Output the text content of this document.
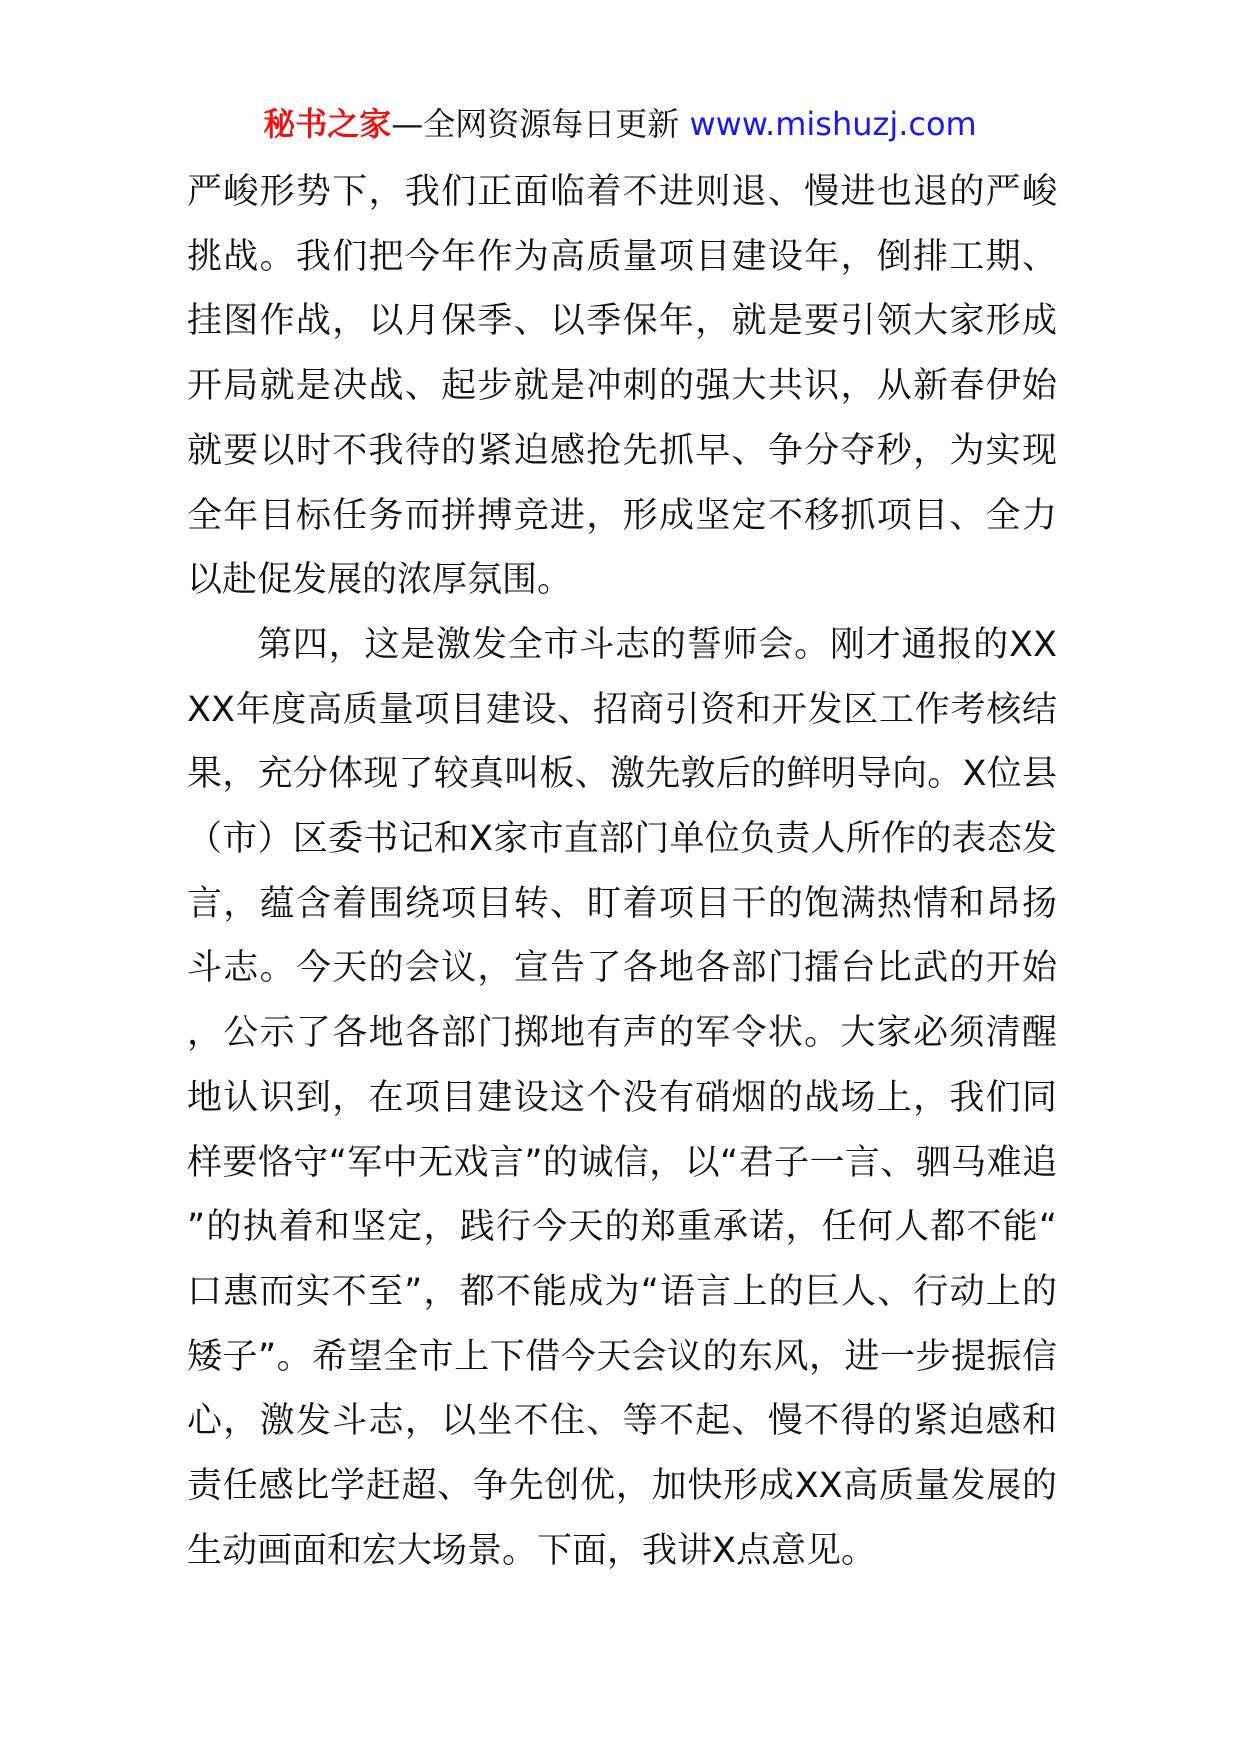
秘书之家—全网资源每日更新 www.mishuzj.com

严峻形势下，我们正面临着不进则退、慢进也退的严峻挑战。我们把今年作为高质量项目建设年，倒排工期、挂图作战，以月保季、以季保年，就是要引领大家形成开局就是决战、起步就是冲刺的强大共识，从新春伊始就要以时不我待的紧迫感抢先抓早、争分夺秒，为实现全年目标任务而拼搏竞进，形成坚定不移抓项目、全力以赴促发展的浓厚氛围。

第四，这是激发全市斗志的誓师会。刚才通报的XXXX年度高质量项目建设、招商引资和开发区工作考核结果，充分体现了较真叫板、激先敦后的鲜明导向。X位县（市）区委书记和X家市直部门单位负责人所作的表态发言，蕴含着围绕项目转、盯着项目干的饱满热情和昂扬斗志。今天的会议，宣告了各地各部门擂台比武的开始，公示了各地各部门掷地有声的军令状。大家必须清醒地认识到，在项目建设这个没有硝烟的战场上，我们同样要恪守“军中无戏言”的诚信，以“君子一言、驷马难追”的执着和坚定，践行今天的郑重承诺，任何人都不能“口惠而实不至”，都不能成为“语言上的巨人、行动上的矮子”。希望全市上下借今天会议的东风，进一步提振信心，激发斗志，以坐不住、等不起、慢不得的紧迫感和责任感比学赶超、争先创优，加快形成XX高质量发展的生动画面和宏大场景。下面，我讲X点意见。
